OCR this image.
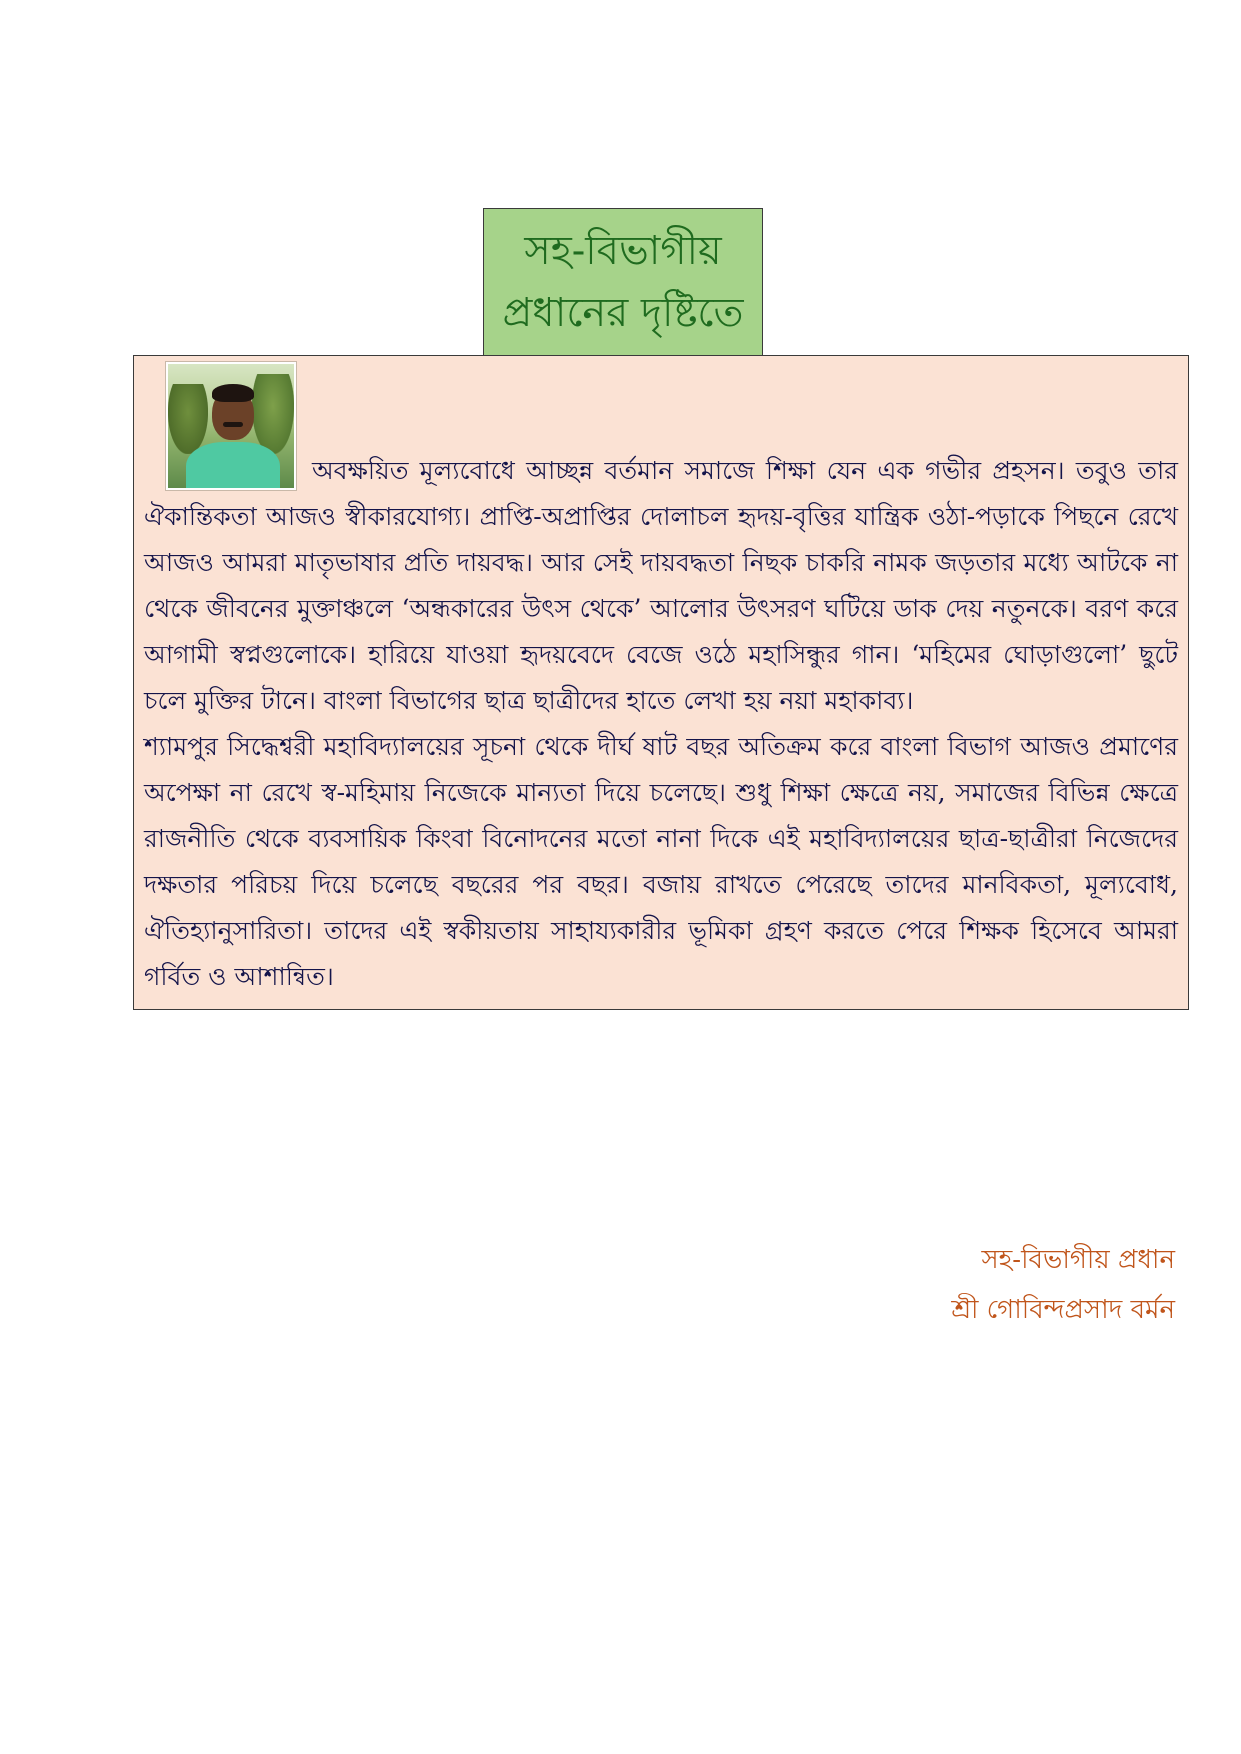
সহ-বিভাগীয়
প্রধানের দৃষ্টিতে

অবক্ষয়িত মূল্যবোধে আচ্ছন্ন বর্তমান সমাজে শিক্ষা যেন এক গভীর প্রহসন। তবুও তার ঐকান্তিকতা আজও স্বীকারযোগ্য। প্রাপ্তি-অপ্রাপ্তির দোলাচল হৃদয়-বৃত্তির যান্ত্রিক ওঠা-পড়াকে পিছনে রেখে আজও আমরা মাতৃভাষার প্রতি দায়বদ্ধ। আর সেই দায়বদ্ধতা নিছক চাকরি নামক জড়তার মধ্যে আটকে না থেকে জীবনের মুক্তাঞ্চলে ‘অন্ধকারের উৎস থেকে’ আলোর উৎসরণ ঘটিয়ে ডাক দেয় নতুনকে। বরণ করে আগামী স্বপ্নগুলোকে। হারিয়ে যাওয়া হৃদয়বেদে বেজে ওঠে মহাসিন্ধুর গান। ‘মহিমের ঘোড়াগুলো’ ছুটে চলে মুক্তির টানে। বাংলা বিভাগের ছাত্র ছাত্রীদের হাতে লেখা হয় নয়া মহাকাব্য।

শ্যামপুর সিদ্ধেশ্বরী মহাবিদ্যালয়ের সূচনা থেকে দীর্ঘ ষাট বছর অতিক্রম করে বাংলা বিভাগ আজও প্রমাণের অপেক্ষা না রেখে স্ব-মহিমায় নিজেকে মান্যতা দিয়ে চলেছে। শুধু শিক্ষা ক্ষেত্রে নয়, সমাজের বিভিন্ন ক্ষেত্রে রাজনীতি থেকে ব্যবসায়িক কিংবা বিনোদনের মতো নানা দিকে এই মহাবিদ্যালয়ের ছাত্র-ছাত্রীরা নিজেদের দক্ষতার পরিচয় দিয়ে চলেছে বছরের পর বছর। বজায় রাখতে পেরেছে তাদের মানবিকতা, মূল্যবোধ, ঐতিহ্যানুসারিতা। তাদের এই স্বকীয়তায় সাহায্যকারীর ভূমিকা গ্রহণ করতে পেরে শিক্ষক হিসেবে আমরা গর্বিত ও আশান্বিত।

সহ-বিভাগীয় প্রধান
শ্রী গোবিন্দপ্রসাদ বর্মন
